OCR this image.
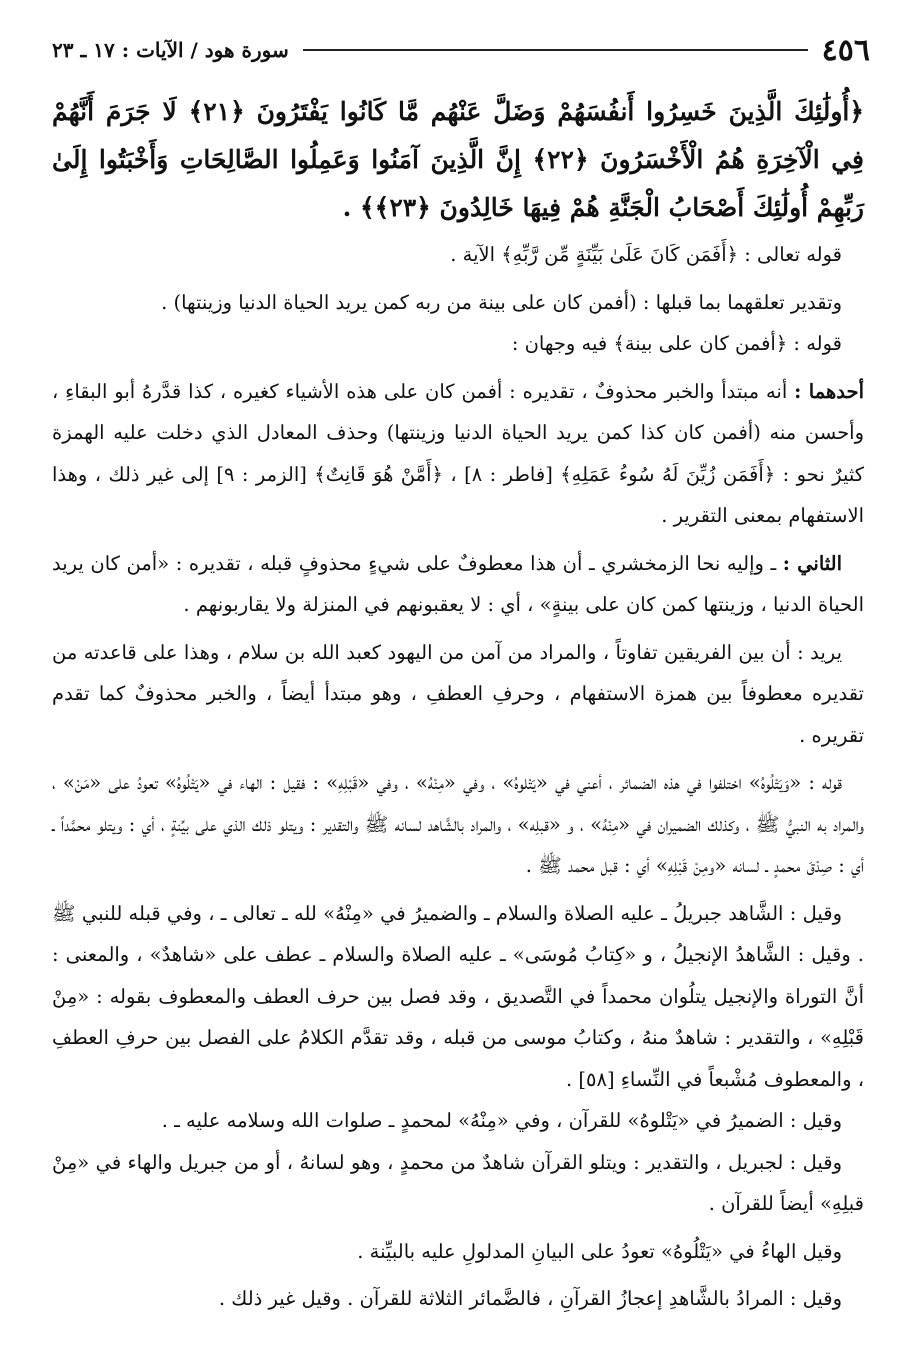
٤٥٦
سورة هود / الآيات : ١٧ ـ ٢٣
﴿أُولَٰئِكَ الَّذِينَ خَسِرُوا أَنفُسَهُمْ وَضَلَّ عَنْهُم مَّا كَانُوا يَفْتَرُونَ ﴿٢١﴾ لَا جَرَمَ أَنَّهُمْ فِي الْآخِرَةِ هُمُ الْأَخْسَرُونَ ﴿٢٢﴾ إِنَّ الَّذِينَ آمَنُوا وَعَمِلُوا الصَّالِحَاتِ وَأَخْبَتُوا إِلَىٰ رَبِّهِمْ أُولَٰئِكَ أَصْحَابُ الْجَنَّةِ هُمْ فِيهَا خَالِدُونَ ﴿٢٣﴾﴾ .

قوله تعالى : ﴿أَفَمَن كَانَ عَلَىٰ بَيِّنَةٍ مِّن رَّبِّهِ﴾ الآية .

وتقدير تعلقهما بما قبلها : (أفمن كان على بينة من ربه كمن يريد الحياة الدنيا وزينتها) .

قوله : ﴿أفمن كان على بينة﴾ فيه وجهان :

أحدهما : أنه مبتدأ والخبر محذوفٌ ، تقديره : أفمن كان على هذه الأشياء كغيره ، كذا قدَّرهُ أبو البقاءِ ، وأحسن منه (أفمن كان كذا كمن يريد الحياة الدنيا وزينتها) وحذف المعادل الذي دخلت عليه الهمزة كثيرٌ نحو : ﴿أَفَمَن زُيِّنَ لَهُ سُوءُ عَمَلِهِ﴾ [فاطر : ٨] ، ﴿أَمَّنْ هُوَ قَانِتٌ﴾ [الزمر : ٩] إلى غير ذلك ، وهذا الاستفهام بمعنى التقرير .

الثاني : ـ وإليه نحا الزمخشري ـ أن هذا معطوفٌ على شيءٍ محذوفٍ قبله ، تقديره : «أمن كان يريد الحياة الدنيا ، وزينتها كمن كان على بينةٍ» ، أي : لا يعقبونهم في المنزلة ولا يقاربونهم .

يريد : أن بين الفريقين تفاوتاً ، والمراد من آمن من اليهود كعبد الله بن سلام ، وهذا على قاعدته من تقديره معطوفاً بين همزة الاستفهام ، وحرفِ العطفِ ، وهو مبتدأ أيضاً ، والخبر محذوفٌ كما تقدم تقريره .

قوله : «وَيَتْلُوهُ» اختلفوا في هذه الضمائر ، أعني في «يَتْلوهُ» ، وفي «مِنْهُ» ، وفي «قَبْلِهِ» : فقيل : الهاء في «يَتْلُوهُ» تعودُ على «مَنْ» ، والمراد به النبيُّ ﷺ ، وكذلك الضميران في «مِنْهُ» ، و «قبلِه» ، والمراد بالشَّاهد لسانه ﷺ والتقدير : ويتلو ذلك الذي على بيِّنةٍ ، أي : ويتلو محمَّداً ـ أي : صِدْقَ محمدٍ ـ لسانه «ومِنْ قَبْلِهِ» أي : قبل محمد ﷺ .

وقيل : الشَّاهد جبريلُ ـ عليه الصلاة والسلام ـ والضميرُ في «مِنْهُ» لله ـ تعالى ـ ، وفي قبله للنبي ﷺ . وقيل : الشَّاهدُ الإنجيلُ ، و «كِتابُ مُوسَى» ـ عليه الصلاة والسلام ـ عطف على «شاهدٌ» ، والمعنى : أنَّ التوراة والإنجيل يتلُوان محمداً في التَّصديق ، وقد فصل بين حرف العطف والمعطوف بقوله : «مِنْ قَبْلِهِ» ، والتقدير : شاهدٌ منهُ ، وكتابُ موسى من قبله ، وقد تقدَّم الكلامُ على الفصل بين حرفِ العطفِ ، والمعطوف مُشْبعاً في النِّساءِ [٥٨] .

وقيل : الضميرُ في «يَتْلوهُ» للقرآن ، وفي «مِنْهُ» لمحمدٍ ـ صلوات الله وسلامه عليه ـ .

وقيل : لجبريل ، والتقدير : ويتلو القرآن شاهدٌ من محمدٍ ، وهو لسانهُ ، أو من جبريل والهاء في «مِنْ قبلِهِ» أيضاً للقرآن .

وقيل الهاءُ في «يَتْلُوهُ» تعودُ على البيانِ المدلولِ عليه بالبيِّنة .

وقيل : المرادُ بالشَّاهدِ إعجازُ القرآنِ ، فالضَّمائر الثلاثة للقرآن . وقيل غير ذلك .
